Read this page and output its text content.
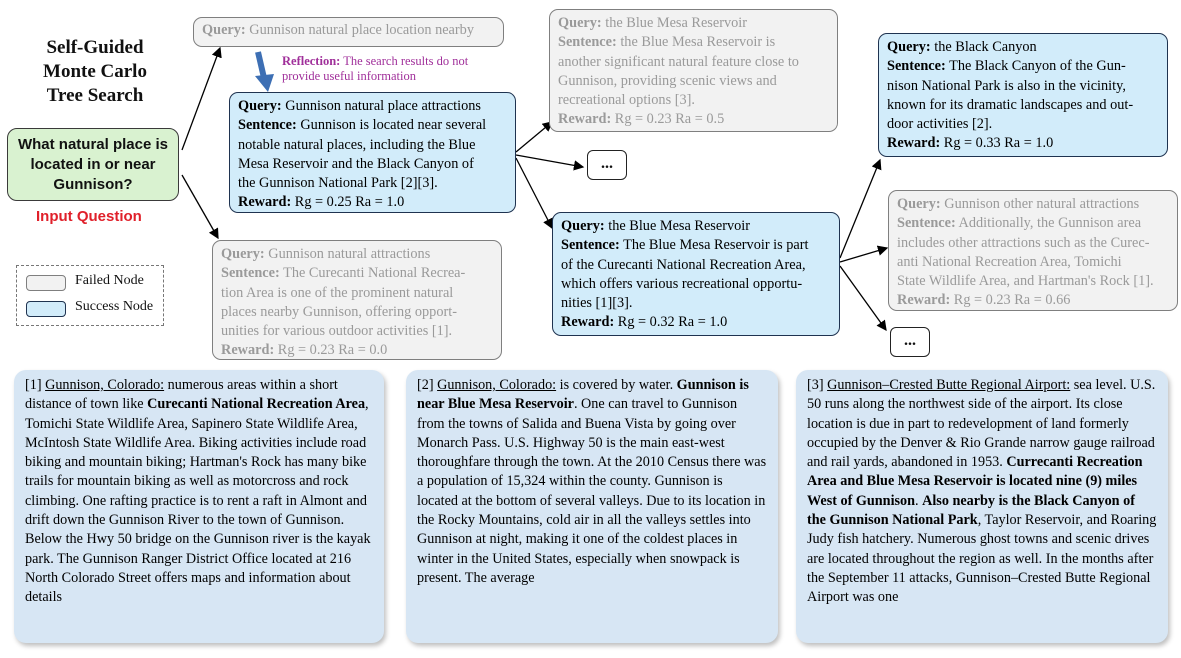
Self-Guided
Monte Carlo
Tree Search
What natural place is
located in or near
Gunnison?
Input Question
Failed Node
Success Node
Query: Gunnison natural place location nearby
Reflection: The search results do not
provide useful information
Query: Gunnison natural place attractions
Sentence: Gunnison is located near several
notable natural places, including the Blue
Mesa Reservoir and the Black Canyon of
the Gunnison National Park [2][3].
Reward: Rg = 0.25 Ra = 1.0
Query: Gunnison natural attractions
Sentence: The Curecanti National Recrea-
tion Area is one of the prominent natural
places nearby Gunnison, offering opport-
unities for various outdoor activities [1].
Reward: Rg = 0.23 Ra = 0.0
Query: the Blue Mesa Reservoir
Sentence: the Blue Mesa Reservoir is
another significant natural feature close to
Gunnison, providing scenic views and
recreational options [3].
Reward: Rg = 0.23 Ra = 0.5
...
Query: the Blue Mesa Reservoir
Sentence: The Blue Mesa Reservoir is part
of the Curecanti National Recreation Area,
which offers various recreational opportu-
nities [1][3].
Reward: Rg = 0.32 Ra = 1.0
Query: the Black Canyon
Sentence: The Black Canyon of the Gun-
nison National Park is also in the vicinity,
known for its dramatic landscapes and out-
door activities [2].
Reward: Rg = 0.33 Ra = 1.0
Query: Gunnison other natural attractions
Sentence: Additionally, the Gunnison area
includes other attractions such as the Curec-
anti National Recreation Area, Tomichi
State Wildlife Area, and Hartman's Rock [1].
Reward: Rg = 0.23 Ra = 0.66
...
[1] Gunnison, Colorado: numerous areas within a short distance of town like Curecanti National Recreation Area, Tomichi State Wildlife Area, Sapinero State Wildlife Area, McIntosh State Wildlife Area. Biking activities include road biking and mountain biking; Hartman's Rock has many bike trails for mountain biking as well as motorcross and rock climbing. One rafting practice is to rent a raft in Almont and drift down the Gunnison River to the town of Gunnison. Below the Hwy 50 bridge on the Gunnison river is the kayak park. The Gunnison Ranger District Office located at 216 North Colorado Street offers maps and information about details
[2] Gunnison, Colorado: is covered by water. Gunnison is near Blue Mesa Reservoir. One can travel to Gunnison from the towns of Salida and Buena Vista by going over Monarch Pass. U.S. Highway 50 is the main east-west thoroughfare through the town. At the 2010 Census there was a population of 15,324 within the county. Gunnison is located at the bottom of several valleys. Due to its location in the Rocky Mountains, cold air in all the valleys settles into Gunnison at night, making it one of the coldest places in winter in the United States, especially when snowpack is present. The average
[3] Gunnison–Crested Butte Regional Airport: sea level. U.S. 50 runs along the northwest side of the airport. Its close location is due in part to redevelopment of land formerly occupied by the Denver & Rio Grande narrow gauge railroad and rail yards, abandoned in 1953. Currecanti Recreation Area and Blue Mesa Reservoir is located nine (9) miles West of Gunnison. Also nearby is the Black Canyon of the Gunnison National Park, Taylor Reservoir, and Roaring Judy fish hatchery. Numerous ghost towns and scenic drives are located throughout the region as well. In the months after the September 11 attacks, Gunnison–Crested Butte Regional Airport was one
